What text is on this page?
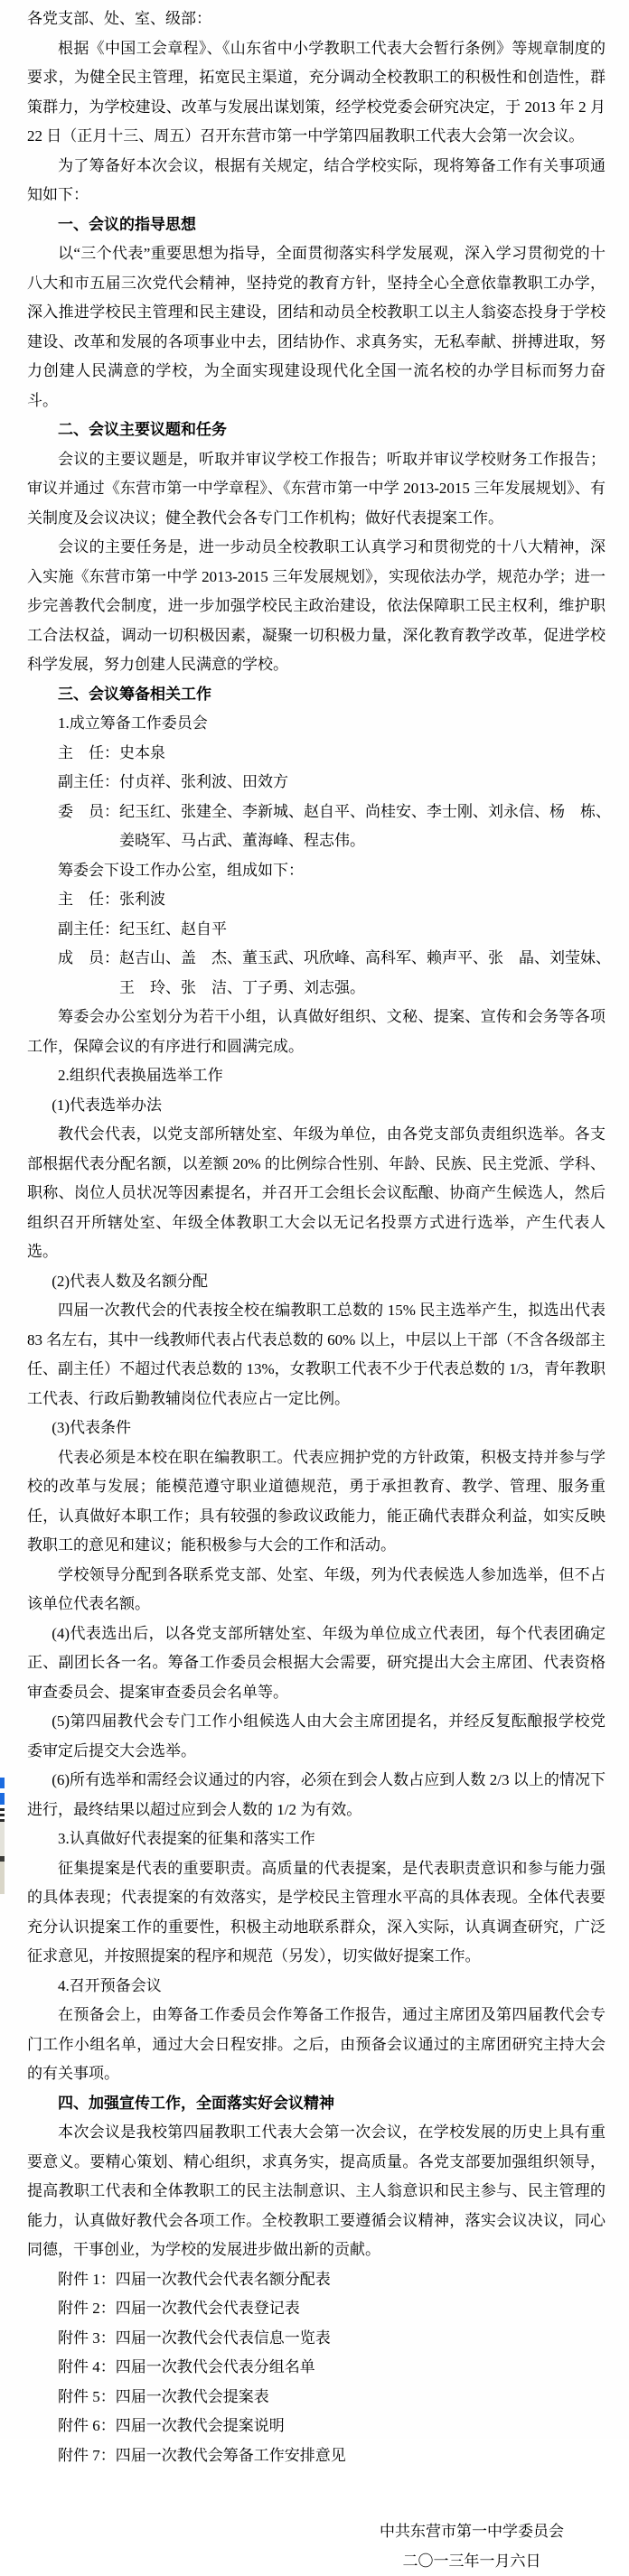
各党支部、处、室、级部：

根据《中国工会章程》、《山东省中小学教职工代表大会暂行条例》等规章制度的要求，为健全民主管理，拓宽民主渠道，充分调动全校教职工的积极性和创造性，群策群力，为学校建设、改革与发展出谋划策，经学校党委会研究决定，于 2013 年 2 月 22 日（正月十三、周五）召开东营市第一中学第四届教职工代表大会第一次会议。

为了筹备好本次会议，根据有关规定，结合学校实际，现将筹备工作有关事项通知如下：

一、会议的指导思想

以“三个代表”重要思想为指导，全面贯彻落实科学发展观，深入学习贯彻党的十八大和市五届三次党代会精神，坚持党的教育方针，坚持全心全意依靠教职工办学，深入推进学校民主管理和民主建设，团结和动员全校教职工以主人翁姿态投身于学校建设、改革和发展的各项事业中去，团结协作、求真务实，无私奉献、拼搏进取，努力创建人民满意的学校，为全面实现建设现代化全国一流名校的办学目标而努力奋斗。

二、会议主要议题和任务

会议的主要议题是，听取并审议学校工作报告；听取并审议学校财务工作报告；审议并通过《东营市第一中学章程》、《东营市第一中学 2013-2015 三年发展规划》、有关制度及会议决议；健全教代会各专门工作机构；做好代表提案工作。

会议的主要任务是，进一步动员全校教职工认真学习和贯彻党的十八大精神，深入实施《东营市第一中学 2013-2015 三年发展规划》，实现依法办学，规范办学；进一步完善教代会制度，进一步加强学校民主政治建设，依法保障职工民主权利，维护职工合法权益，调动一切积极因素，凝聚一切积极力量，深化教育教学改革，促进学校科学发展，努力创建人民满意的学校。

三、会议筹备相关工作

1.成立筹备工作委员会

主　任：史本泉

副主任：付贞祥、张利波、田效方

委　员：纪玉红、张建全、李新城、赵自平、尚桂安、李士刚、刘永信、杨　栋、

姜晓军、马占武、董海峰、程志伟。

筹委会下设工作办公室，组成如下：

主　任：张利波

副主任：纪玉红、赵自平

成　员：赵吉山、盖　杰、董玉武、巩欣峰、高科军、赖声平、张　晶、刘莹妹、

王　玲、张　洁、丁子勇、刘志强。

筹委会办公室划分为若干小组，认真做好组织、文秘、提案、宣传和会务等各项工作，保障会议的有序进行和圆满完成。

2.组织代表换届选举工作

(1)代表选举办法

教代会代表，以党支部所辖处室、年级为单位，由各党支部负责组织选举。各支部根据代表分配名额，以差额 20% 的比例综合性别、年龄、民族、民主党派、学科、职称、岗位人员状况等因素提名，并召开工会组长会议酝酿、协商产生候选人，然后组织召开所辖处室、年级全体教职工大会以无记名投票方式进行选举，产生代表人选。

(2)代表人数及名额分配

四届一次教代会的代表按全校在编教职工总数的 15% 民主选举产生，拟选出代表 83 名左右，其中一线教师代表占代表总数的 60% 以上，中层以上干部（不含各级部主任、副主任）不超过代表总数的 13%，女教职工代表不少于代表总数的 1/3，青年教职工代表、行政后勤教辅岗位代表应占一定比例。

(3)代表条件

代表必须是本校在职在编教职工。代表应拥护党的方针政策，积极支持并参与学校的改革与发展；能模范遵守职业道德规范，勇于承担教育、教学、管理、服务重任，认真做好本职工作；具有较强的参政议政能力，能正确代表群众利益，如实反映教职工的意见和建议；能积极参与大会的工作和活动。

学校领导分配到各联系党支部、处室、年级，列为代表候选人参加选举，但不占该单位代表名额。

(4)代表选出后，以各党支部所辖处室、年级为单位成立代表团，每个代表团确定正、副团长各一名。筹备工作委员会根据大会需要，研究提出大会主席团、代表资格审查委员会、提案审查委员会名单等。

(5)第四届教代会专门工作小组候选人由大会主席团提名，并经反复酝酿报学校党委审定后提交大会选举。

(6)所有选举和需经会议通过的内容，必须在到会人数占应到人数 2/3 以上的情况下进行，最终结果以超过应到会人数的 1/2 为有效。

3.认真做好代表提案的征集和落实工作

征集提案是代表的重要职责。高质量的代表提案，是代表职责意识和参与能力强的具体表现；代表提案的有效落实，是学校民主管理水平高的具体表现。全体代表要充分认识提案工作的重要性，积极主动地联系群众，深入实际，认真调查研究，广泛征求意见，并按照提案的程序和规范（另发），切实做好提案工作。

4.召开预备会议

在预备会上，由筹备工作委员会作筹备工作报告，通过主席团及第四届教代会专门工作小组名单，通过大会日程安排。之后，由预备会议通过的主席团研究主持大会的有关事项。

四、加强宣传工作，全面落实好会议精神

本次会议是我校第四届教职工代表大会第一次会议，在学校发展的历史上具有重要意义。要精心策划、精心组织，求真务实，提高质量。各党支部要加强组织领导，提高教职工代表和全体教职工的民主法制意识、主人翁意识和民主参与、民主管理的能力，认真做好教代会各项工作。全校教职工要遵循会议精神，落实会议决议，同心同德，干事创业，为学校的发展进步做出新的贡献。

附件 1：四届一次教代会代表名额分配表

附件 2：四届一次教代会代表登记表

附件 3：四届一次教代会代表信息一览表

附件 4：四届一次教代会代表分组名单

附件 5：四届一次教代会提案表

附件 6：四届一次教代会提案说明

附件 7：四届一次教代会筹备工作安排意见

中共东营市第一中学委员会
二〇一三年一月六日
